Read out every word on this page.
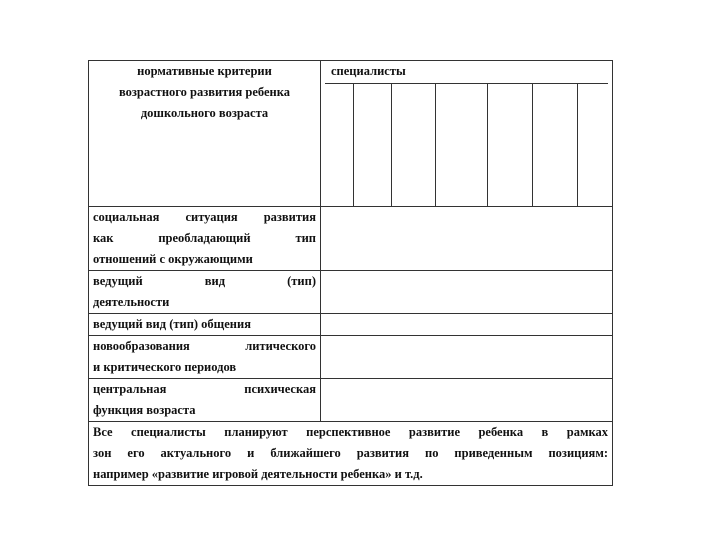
нормативные критерии
возрастного развития ребенка
дошкольного возраста	специалисты

социальная ситуация развития
как преобладающий тип
отношений с окружающими	

ведущий вид (тип)
деятельности	

ведущий вид (тип) общения	

новообразования литического
и критического периодов	

центральная психическая
функция возраста	

Все специалисты планируют перспективное развитие ребенка в рамках
зон его актуального и ближайшего развития по приведенным позициям:
например «развитие игровой деятельности ребенка» и т.д.	
